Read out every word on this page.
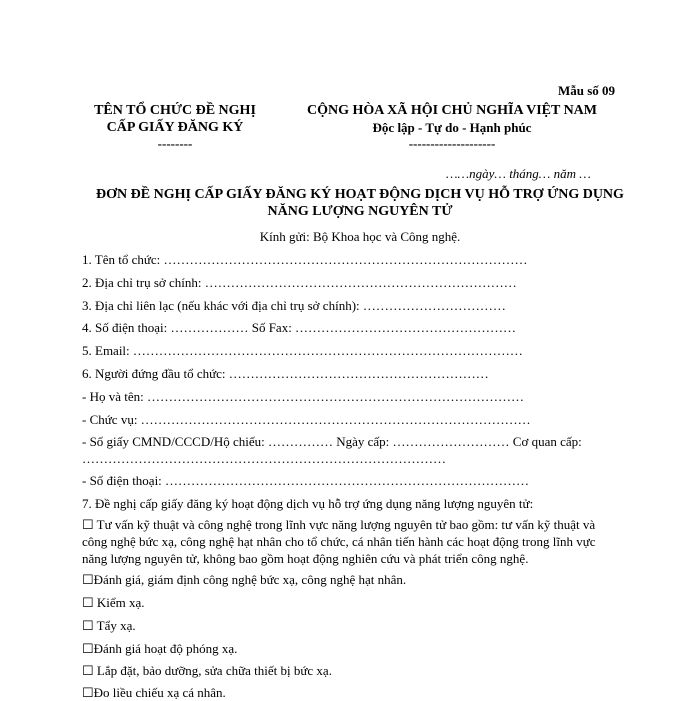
Mẫu số 09
TÊN TỔ CHỨC ĐỀ NGHỊ
CẤP GIẤY ĐĂNG KÝ
--------
CỘNG HÒA XÃ HỘI CHỦ NGHĨA VIỆT NAM
Độc lập - Tự do - Hạnh phúc
--------------------
……ngày… tháng… năm …
ĐƠN ĐỀ NGHỊ CẤP GIẤY ĐĂNG KÝ HOẠT ĐỘNG DỊCH VỤ HỖ TRỢ ỨNG DỤNG
NĂNG LƯỢNG NGUYÊN TỬ
Kính gửi: Bộ Khoa học và Công nghệ.
1. Tên tổ chức: …………………………………………………………………………
2. Địa chỉ trụ sở chính: ………………………………………………………………
3. Địa chỉ liên lạc (nếu khác với địa chỉ trụ sở chính): ……………………………
4. Số điện thoại: ……………… Số Fax: ……………………………………………
5. Email: ………………………………………………………………………………
6. Người đứng đầu tổ chức: ……………………………………………………
- Họ và tên: ……………………………………………………………………………
- Chức vụ: ………………………………………………………………………………
- Số giấy CMND/CCCD/Hộ chiếu: …………… Ngày cấp: ……………………… Cơ quan cấp:
…………………………………………………………………………
- Số điện thoại: …………………………………………………………………………
7. Đề nghị cấp giấy đăng ký hoạt động dịch vụ hỗ trợ ứng dụng năng lượng nguyên tử:
☐ Tư vấn kỹ thuật và công nghệ trong lĩnh vực năng lượng nguyên tử bao gồm: tư vấn kỹ thuật và công nghệ bức xạ, công nghệ hạt nhân cho tổ chức, cá nhân tiến hành các hoạt động trong lĩnh vực năng lượng nguyên tử, không bao gồm hoạt động nghiên cứu và phát triển công nghệ.
☐Đánh giá, giám định công nghệ bức xạ, công nghệ hạt nhân.
☐ Kiểm xạ.
☐ Tẩy xạ.
☐Đánh giá hoạt độ phóng xạ.
☐ Lắp đặt, bảo dưỡng, sửa chữa thiết bị bức xạ.
☐Đo liều chiếu xạ cá nhân.
